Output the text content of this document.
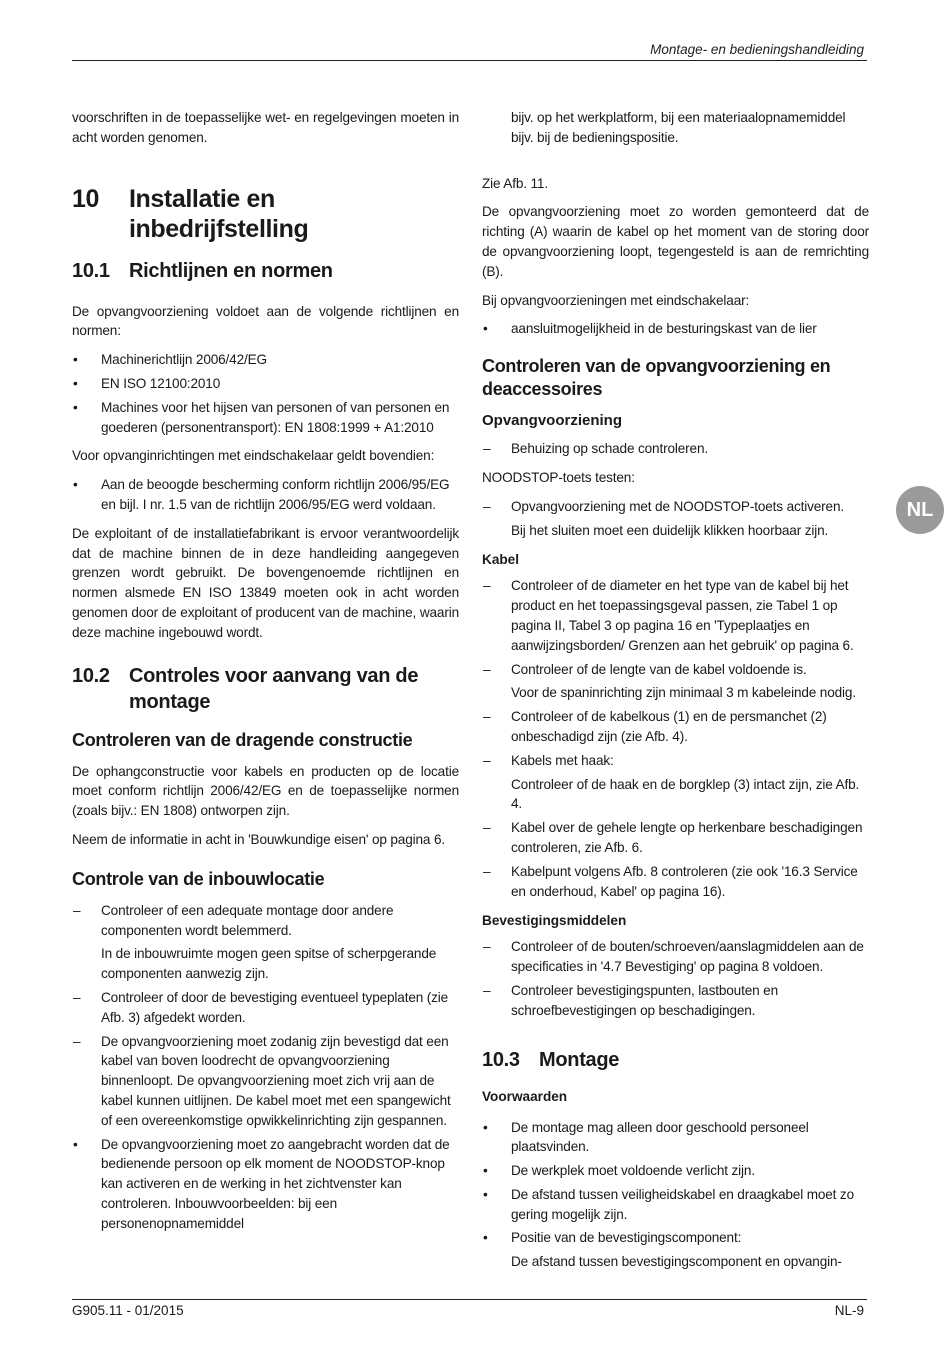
Montage- en bedieningshandleiding
NL

voorschriften in de toepasselijke wet- en regelgevingen moeten in acht worden genomen.

10	Installatie en inbedrijfstelling
10.1 Richtlijnen en normen

De opvangvoorziening voldoet aan de volgende richtlijnen en normen:

• Machinerichtlijn 2006/42/EG
• EN ISO 12100:2010
• Machines voor het hijsen van personen of van personen en goederen (personentransport): EN 1808:1999 + A1:2010

Voor opvanginrichtingen met eindschakelaar geldt bovendien:

• Aan de beoogde bescherming conform richtlijn 2006/95/EG en bijl. I nr. 1.5 van de richtlijn 2006/95/EG werd voldaan.

De exploitant of de installatiefabrikant is ervoor verantwoordelijk dat de machine binnen de in deze handleiding aangegeven grenzen wordt gebruikt. De bovengenoemde richtlijnen en normen alsmede EN ISO 13849 moeten ook in acht worden genomen door de exploitant of producent van de machine, waarin deze machine ingebouwd wordt.

10.2 Controles voor aanvang van de montage
Controleren van de dragende constructie

De ophangconstructie voor kabels en producten op de locatie moet conform richtlijn 2006/42/EG en de toepasselijke normen (zoals bijv.: EN 1808) ontworpen zijn.

Neem de informatie in acht in 'Bouwkundige eisen' op pagina 6.

Controle van de inbouwlocatie
– Controleer of een adequate montage door andere componenten wordt belemmerd.
In de inbouwruimte mogen geen spitse of scherpgerande componenten aanwezig zijn.
– Controleer of door de bevestiging eventueel typeplaten (zie Afb. 3) afgedekt worden.
– De opvangvoorziening moet zodanig zijn bevestigd dat een kabel van boven loodrecht de opvangvoorziening binnenloopt. De opvangvoorziening moet zich vrij aan de kabel kunnen uitlijnen. De kabel moet met een spangewicht of een overeenkomstige opwikkelinrichting zijn gespannen.
• De opvangvoorziening moet zo aangebracht worden dat de bedienende persoon op elk moment de NOODSTOP-knop kan activeren en de werking in het zichtvenster kan controleren. Inbouwvoorbeelden: bij een personenopnamemiddel
bijv. op het werkplatform, bij een materiaalopnamemiddel bijv. bij de bedieningspositie.

Zie Afb. 11.

De opvangvoorziening moet zo worden gemonteerd dat de richting (A) waarin de kabel op het moment van de storing door de opvangvoorziening loopt, tegengesteld is aan de remrichting (B).

Bij opvangvoorzieningen met eindschakelaar:

• aansluitmogelijkheid in de besturingskast van de lier
Controleren van de opvangvoorziening en deaccessoires
Opvangvoorziening
– Behuizing op schade controleren.

NOODSTOP-toets testen:

– Opvangvoorziening met de NOODSTOP-toets activeren.
Bij het sluiten moet een duidelijk klikken hoorbaar zijn.
Kabel
– Controleer of de diameter en het type van de kabel bij het product en het toepassingsgeval passen, zie Tabel 1 op pagina II, Tabel 3 op pagina 16 en 'Typeplaatjes en aanwijzingsborden/ Grenzen aan het gebruik' op pagina 6.
– Controleer of de lengte van de kabel voldoende is.
Voor de spaninrichting zijn minimaal 3 m kabeleinde nodig.
– Controleer of de kabelkous (1) en de persmanchet (2) onbeschadigd zijn (zie Afb. 4).
– Kabels met haak:
Controleer of de haak en de borgklep (3) intact zijn, zie Afb. 4.
– Kabel over de gehele lengte op herkenbare beschadigingen controleren, zie Afb. 6.
– Kabelpunt volgens Afb. 8 controleren (zie ook '16.3 Service en onderhoud, Kabel' op pagina 16).
Bevestigingsmiddelen
– Controleer of de bouten/schroeven/aanslagmiddelen aan de specificaties in '4.7 Bevestiging' op pagina 8 voldoen.
– Controleer bevestigingspunten, lastbouten en schroefbevestigingen op beschadigingen.
10.3 Montage
Voorwaarden
• De montage mag alleen door geschoold personeel plaatsvinden.
• De werkplek moet voldoende verlicht zijn.
• De afstand tussen veiligheidskabel en draagkabel moet zo gering mogelijk zijn.
• Positie van de bevestigingscomponent:
De afstand tussen bevestigingscomponent en opvangin-
G905.11 - 01/2015	NL-9
